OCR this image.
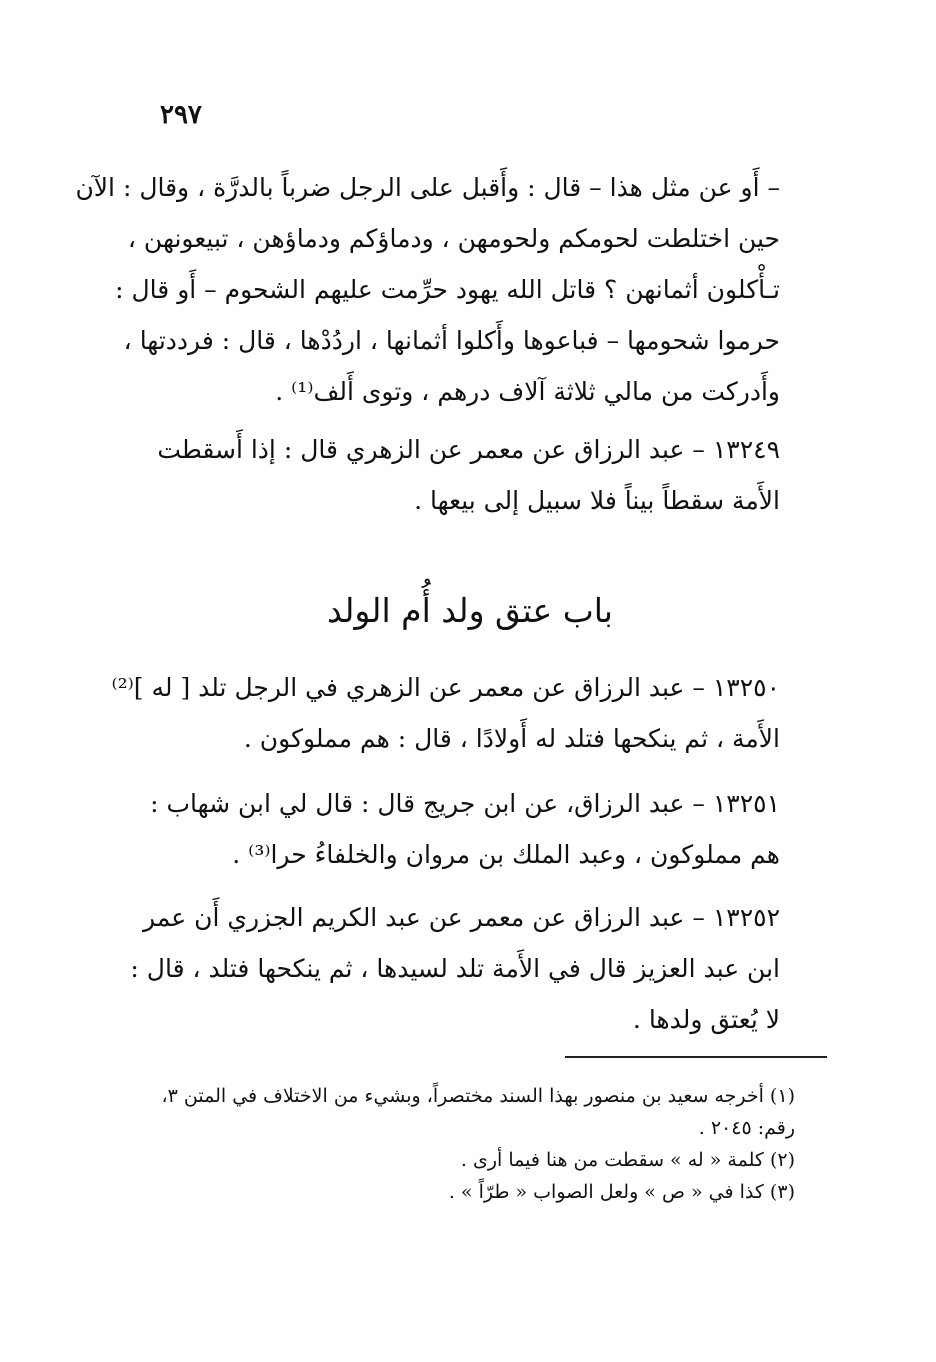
٢٩٧
– أَو عن مثل هذا – قال : وأَقبل على الرجل ضرباً بالدرَّة ، وقال : الآن
حين اختلطت لحومكم ولحومهن ، ودماؤكم ودماؤهن ، تبيعونهن ،
تـأْكلون أثمانهن ؟ قاتل الله يهود حرِّمت عليهم الشحوم – أَو قال :
حرموا شحومها – فباعوها وأَكلوا أثمانها ، اردُدْها ، قال : فرددتها ،
وأَدركت من مالي ثلاثة آلاف درهم ، وتوى أَلف⁽¹⁾ .
١٣٢٤٩ – عبد الرزاق عن معمر عن الزهري قال : إذا أَسقطت
الأَمة سقطاً بيناً فلا سبيل إلى بيعها .
باب عتق ولد أُم الولد
١٣٢٥٠ – عبد الرزاق عن معمر عن الزهري في الرجل تلد [ له ]⁽²⁾
الأَمة ، ثم ينكحها فتلد له أَولادًا ، قال : هم مملوكون .
١٣٢٥١ – عبد الرزاق، عن ابن جريج قال : قال لي ابن شهاب :
هم مملوكون ، وعبد الملك بن مروان والخلفاءُ حرا⁽³⁾ .
١٣٢٥٢ – عبد الرزاق عن معمر عن عبد الكريم الجزري أَن عمر
ابن عبد العزيز قال في الأَمة تلد لسيدها ، ثم ينكحها فتلد ، قال :
لا يُعتق ولدها .
(١) أخرجه سعيد بن منصور بهذا السند مختصراً، وبشيء من الاختلاف في المتن ٣،
رقم: ٢٠٤٥ .
(٢) كلمة « له » سقطت من هنا فيما أرى .
(٣) كذا في « ص » ولعل الصواب « طرّاً » .
